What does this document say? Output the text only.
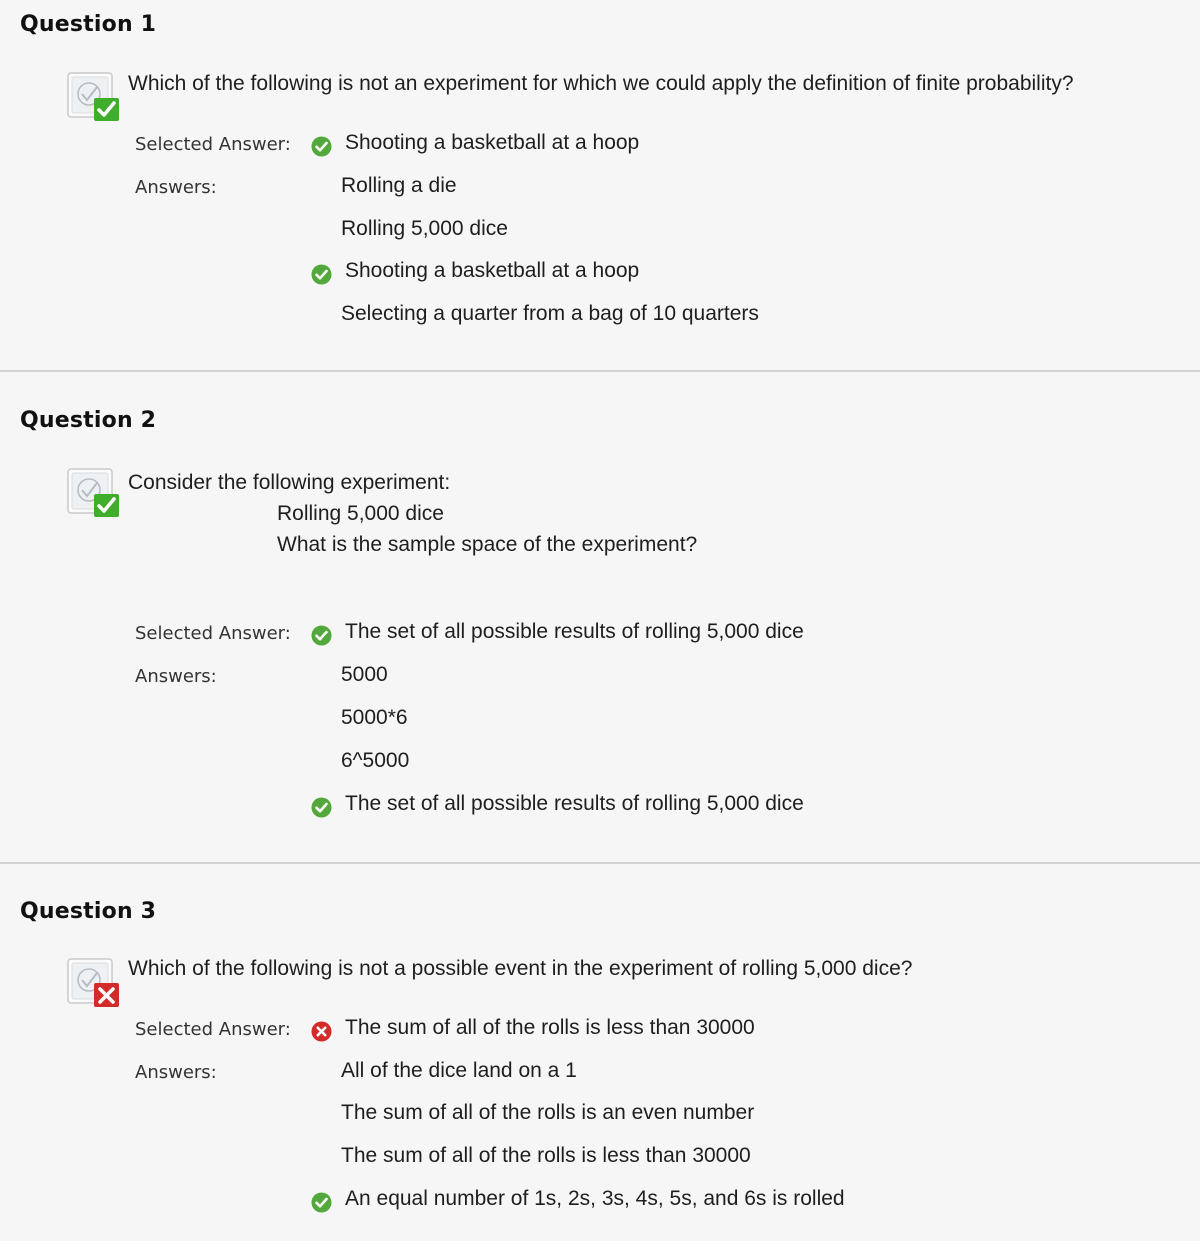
Question 1
Which of the following is not an experiment for which we could apply the definition of finite probability?
Selected Answer:	Shooting a basketball at a hoop
Answers:	Rolling a die
Rolling 5,000 dice
Shooting a basketball at a hoop
Selecting a quarter from a bag of 10 quarters
Question 2
Consider the following experiment:
Rolling 5,000 dice
What is the sample space of the experiment?
Selected Answer:	The set of all possible results of rolling 5,000 dice
Answers:	5000
5000*6
6^5000
The set of all possible results of rolling 5,000 dice
Question 3
Which of the following is not a possible event in the experiment of rolling 5,000 dice?
Selected Answer:	The sum of all of the rolls is less than 30000
Answers:	All of the dice land on a 1
The sum of all of the rolls is an even number
The sum of all of the rolls is less than 30000
An equal number of 1s, 2s, 3s, 4s, 5s, and 6s is rolled
